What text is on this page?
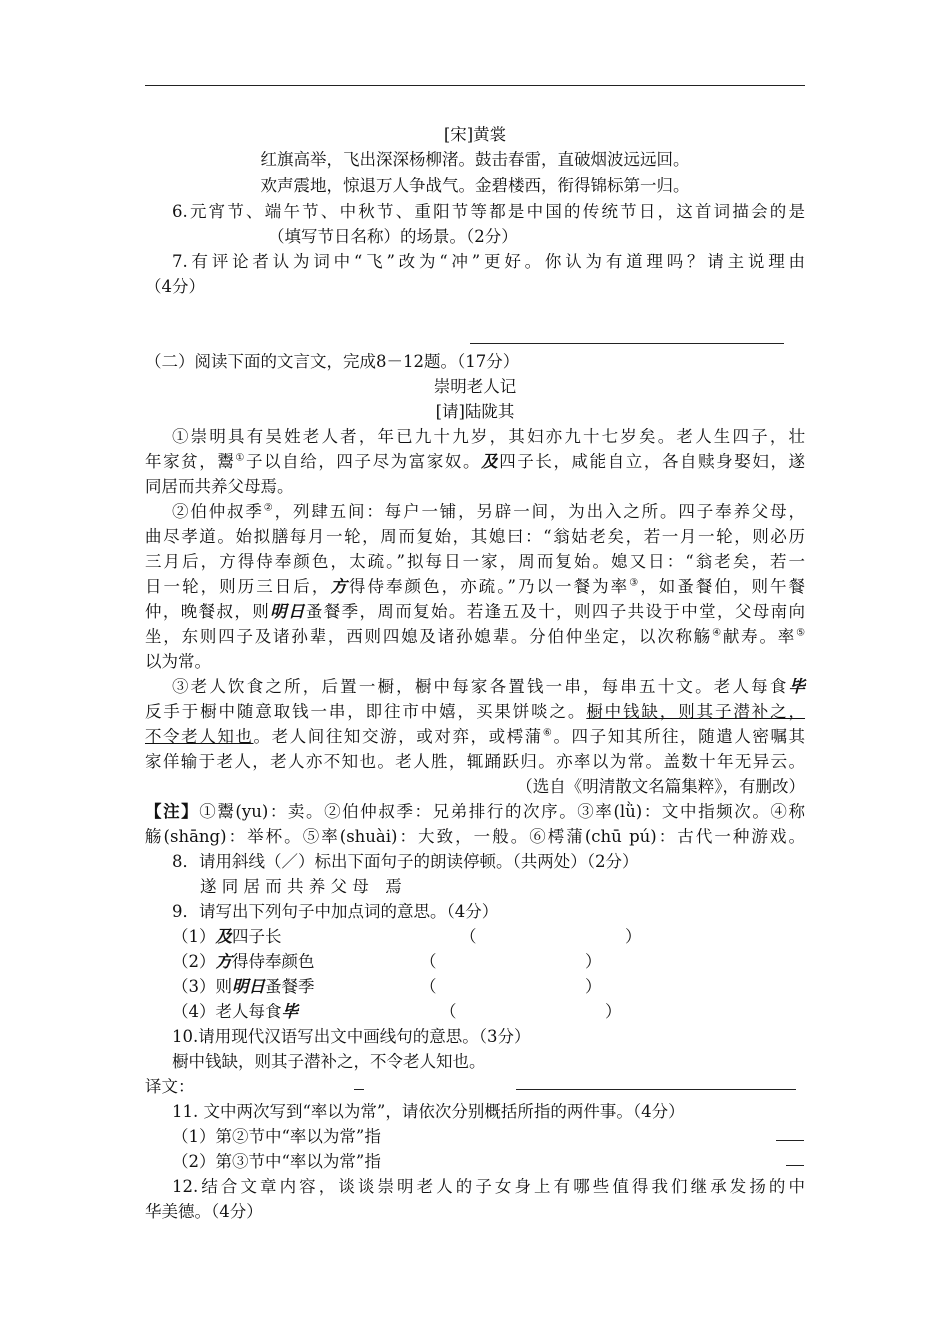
[宋]黄裳
红旗高举，飞出深深杨柳渚。鼓击春雷，直破烟波远远回。
欢声震地，惊退万人争战气。金碧楼西，衔得锦标第一归。
6.元宵节、端午节、中秋节、重阳节等都是中国的传统节日，这首词描会的是
（填写节日名称）的场景。（2分）
7.有评论者认为词中“飞”改为“冲”更好。你认为有道理吗？请主说理由
（4分）
（二）阅读下面的文言文，完成8－12题。（17分）
崇明老人记
[请]陆陇其
①崇明具有吴姓老人者，年已九十九岁，其妇亦九十七岁矣。老人生四子，壮
年家贫，鬻①子以自给，四子尽为富家奴。及四子长，咸能自立，各自赎身娶妇，遂
同居而共养父母焉。
②伯仲叔季②，列肆五间：每户一铺，另辟一间，为出入之所。四子奉养父母，
曲尽孝道。始拟膳每月一轮，周而复始，其媳曰：“翁姑老矣，若一月一轮，则必历
三月后，方得侍奉颜色，太疏。”拟每日一家，周而复始。媳又日：“翁老矣，若一
日一轮，则历三日后，方得侍奉颜色，亦疏。”乃以一餐为率③，如蚤餐伯，则午餐
仲，晚餐叔，则明日蚤餐季，周而复始。若逢五及十，则四子共设于中堂，父母南向
坐，东则四子及诸孙辈，西则四媳及诸孙媳辈。分伯仲坐定，以次称觞④献寿。率⑤
以为常。
③老人饮食之所，后置一橱，橱中每家各置钱一串，每串五十文。老人每食毕
反手于橱中随意取钱一串，即往市中嬉，买果饼啖之。橱中钱缺，则其子潜补之，
不令老人知也。老人间往知交游，或对弈，或樗蒲⑥。四子知其所往，随遣人密嘱其
家佯输于老人，老人亦不知也。老人胜，辄踊跃归。亦率以为常。盖数十年无异云。
（选自《明清散文名篇集粹》，有删改）
【注】①鬻(yu)：卖。②伯仲叔季：兄弟排行的次序。③率(lǜ)：文中指频次。④称
觞(shāng)：举杯。⑤率(shuài)：大致，一般。⑥樗蒲(chū pú)：古代一种游戏。
8．请用斜线（／）标出下面句子的朗读停顿。（共两处）（2分）
遂 同 居 而 共 养 父 母　焉
9．请写出下列句子中加点词的意思。（4分）
（1）及四子长	（　　　　　　　　　）
（2）方得侍奉颜色	（　　　　　　　　　）
（3）则明日蚤餐季	（　　　　　　　　　）
（4）老人每食毕	（　　　　　　　　　）
10.请用现代汉语写出文中画线句的意思。（3分）
橱中钱缺，则其子潜补之，不令老人知也。
译文：
11. 文中两次写到“率以为常”，请依次分别概括所指的两件事。（4分）
（1）第②节中“率以为常”指
（2）第③节中“率以为常”指
12.结合文章内容，谈谈崇明老人的子女身上有哪些值得我们继承发扬的中
华美德。（4分）
